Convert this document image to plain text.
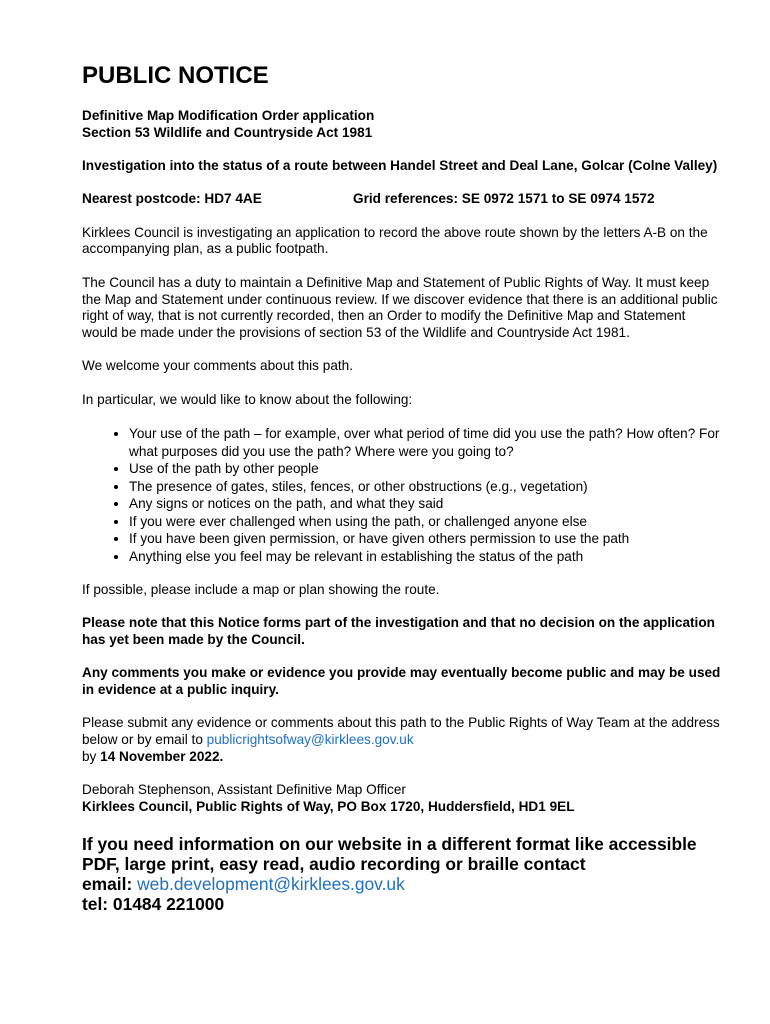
PUBLIC NOTICE
Definitive Map Modification Order application
Section 53 Wildlife and Countryside Act 1981
Investigation into the status of a route between Handel Street and Deal Lane, Golcar (Colne Valley)
Nearest postcode: HD7 4AE	Grid references: SE 0972 1571 to SE 0974 1572
Kirklees Council is investigating an application to record the above route shown by the letters A-B on the accompanying plan, as a public footpath.
The Council has a duty to maintain a Definitive Map and Statement of Public Rights of Way. It must keep the Map and Statement under continuous review. If we discover evidence that there is an additional public right of way, that is not currently recorded, then an Order to modify the Definitive Map and Statement would be made under the provisions of section 53 of the Wildlife and Countryside Act 1981.
We welcome your comments about this path.
In particular, we would like to know about the following:
• Your use of the path – for example, over what period of time did you use the path? How often? For what purposes did you use the path? Where were you going to?
• Use of the path by other people
• The presence of gates, stiles, fences, or other obstructions (e.g., vegetation)
• Any signs or notices on the path, and what they said
• If you were ever challenged when using the path, or challenged anyone else
• If you have been given permission, or have given others permission to use the path
• Anything else you feel may be relevant in establishing the status of the path
If possible, please include a map or plan showing the route.
Please note that this Notice forms part of the investigation and that no decision on the application has yet been made by the Council.
Any comments you make or evidence you provide may eventually become public and may be used in evidence at a public inquiry.
Please submit any evidence or comments about this path to the Public Rights of Way Team at the address below or by email to publicrightsofway@kirklees.gov.uk
by 14 November 2022.
Deborah Stephenson, Assistant Definitive Map Officer
Kirklees Council, Public Rights of Way, PO Box 1720, Huddersfield, HD1 9EL
If you need information on our website in a different format like accessible PDF, large print, easy read, audio recording or braille contact
email: web.development@kirklees.gov.uk
tel: 01484 221000
